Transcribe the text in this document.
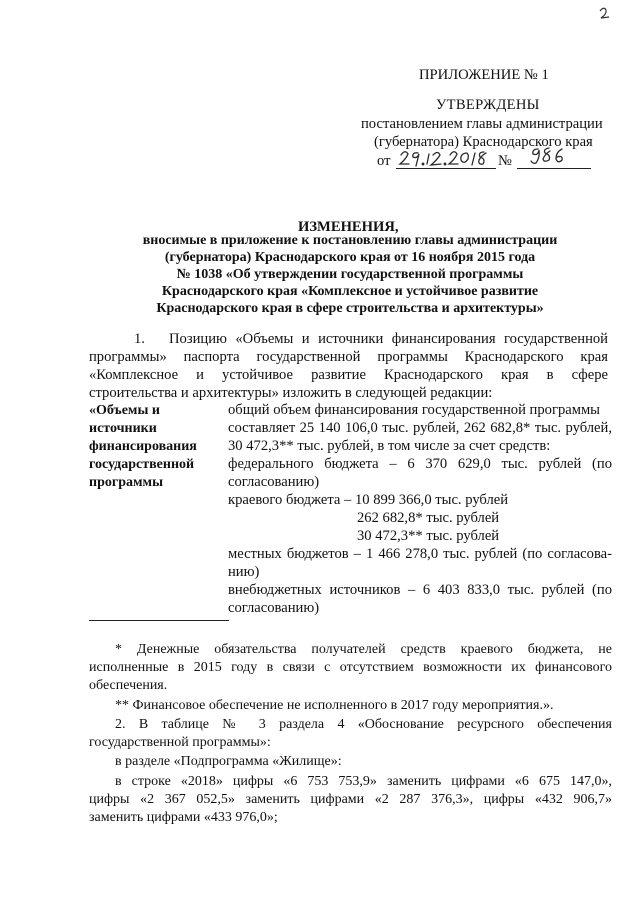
ПРИЛОЖЕНИЕ № 1
УТВЕРЖДЕНЫ
постановлением главы администрации
(губернатора) Краснодарского края
от	№
ИЗМЕНЕНИЯ,
вносимые в приложение к постановлению главы администрации
(губернатора) Краснодарского края от 16 ноября 2015 года
№ 1038 «Об утверждении государственной программы
Краснодарского края «Комплексное и устойчивое развитие
Краснодарского края в сфере строительства и архитектуры»
1. Позицию «Объемы и источники финансирования государственной
программы» паспорта государственной программы Краснодарского края
«Комплексное и устойчивое развитие Краснодарского края в сфере
строительства и архитектуры» изложить в следующей редакции:
«Объемы и
источники
финансирования
государственной
программы
общий объем финансирования государственной программы
составляет 25 140 106,0 тыс. рублей, 262 682,8* тыс. рублей,
30 472,3** тыс. рублей, в том числе за счет средств:
федерального бюджета – 6 370 629,0 тыс. рублей (по
согласованию)
краевого бюджета – 10 899 366,0 тыс. рублей
262 682,8* тыс. рублей
30 472,3** тыс. рублей
местных бюджетов – 1 466 278,0 тыс. рублей (по согласова-
нию)
внебюджетных источников – 6 403 833,0 тыс. рублей (по
согласованию)
* Денежные обязательства получателей средств краевого бюджета, не
исполненные в 2015 году в связи с отсутствием возможности их финансового
обеспечения.
** Финансовое обеспечение не исполненного в 2017 году мероприятия.».
2. В таблице № 3 раздела 4 «Обоснование ресурсного обеспечения
государственной программы»:
в разделе «Подпрограмма «Жилище»:
в строке «2018» цифры «6 753 753,9» заменить цифрами «6 675 147,0»,
цифры «2 367 052,5» заменить цифрами «2 287 376,3», цифры «432 906,7»
заменить цифрами «433 976,0»;
